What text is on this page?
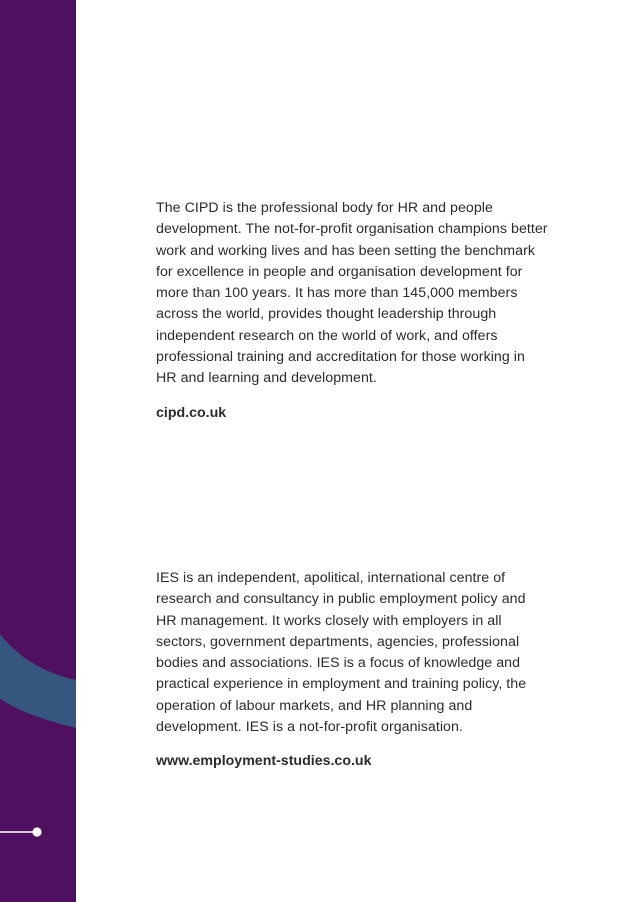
The CIPD is the professional body for HR and people development. The not-for-profit organisation champions better work and working lives and has been setting the benchmark for excellence in people and organisation development for more than 100 years. It has more than 145,000 members across the world, provides thought leadership through independent research on the world of work, and offers professional training and accreditation for those working in HR and learning and development.

cipd.co.uk

IES is an independent, apolitical, international centre of research and consultancy in public employment policy and HR management. It works closely with employers in all sectors, government departments, agencies, professional bodies and associations. IES is a focus of knowledge and practical experience in employment and training policy, the operation of labour markets, and HR planning and development. IES is a not-for-profit organisation.

www.employment-studies.co.uk
